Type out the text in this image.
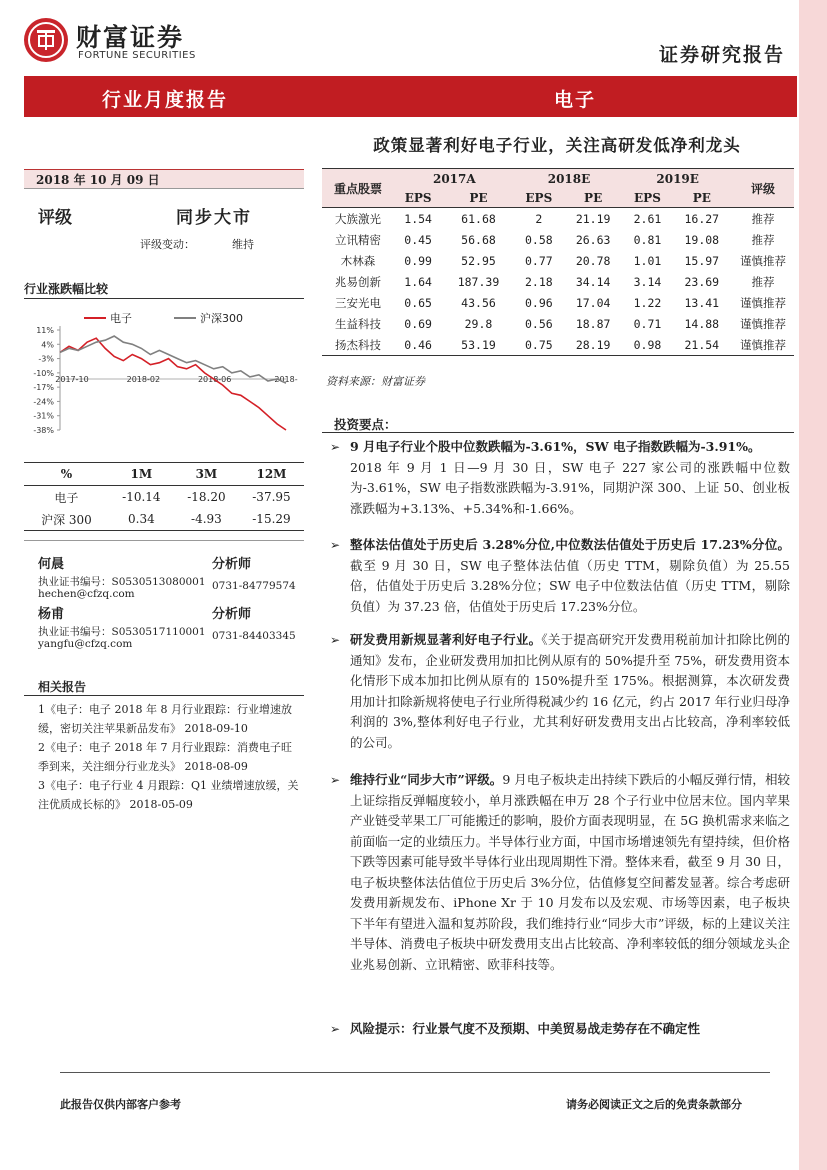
财富证券
FORTUNE SECURITIES	证券研究报告
行业月度报告	电子
政策显著利好电子行业，关注高研发低净利龙头
2018 年 10 月 09 日
评级	同步大市
评级变动：	维持
行业涨跌幅比较
电子	沪深300
11%
4%
-3%
-10%
-17%
-24%
-31%
-38%
2017-10	2018-02	2018-06	2018-
%	1M	3M	12M
电子	-10.14	-18.20	-37.95
沪深 300	0.34	-4.93	-15.29
何晨	分析师
执业证书编号：S0530513080001 0731-84779574
hechen@cfzq.com
杨甫	分析师
执业证书编号：S0530517110001 0731-84403345
yangfu@cfzq.com
相关报告
1《电子：电子 2018 年 8 月行业跟踪：行业增速放缓，密切关注苹果新品发布》 2018-09-10
2《电子：电子 2018 年 7 月行业跟踪：消费电子旺季到来，关注细分行业龙头》 2018-08-09
3《电子：电子行业 4 月跟踪：Q1 业绩增速放缓，关注优质成长标的》 2018-05-09
重点股票	2017A		2018E		2019E		评级
	EPS	PE	EPS	PE	EPS	PE	
大族激光	1.54	61.68	2	21.19	2.61	16.27	推荐
立讯精密	0.45	56.68	0.58	26.63	0.81	19.08	推荐
木林森	0.99	52.95	0.77	20.78	1.01	15.97	谨慎推荐
兆易创新	1.64	187.39	2.18	34.14	3.14	23.69	推荐
三安光电	0.65	43.56	0.96	17.04	1.22	13.41	谨慎推荐
生益科技	0.69	29.8	0.56	18.87	0.71	14.88	谨慎推荐
扬杰科技	0.46	53.19	0.75	28.19	0.98	21.54	谨慎推荐
资料来源：财富证券
投资要点：
➢ 9 月电子行业个股中位数跌幅为-3.61%，SW 电子指数跌幅为-3.91%。
2018 年 9 月 1 日—9 月 30 日，SW 电子 227 家公司的涨跌幅中位数为-3.61%，SW 电子指数涨跌幅为-3.91%，同期沪深 300、上证 50、创业板涨跌幅为+3.13%、+5.34%和-1.66%。
➢ 整体法估值处于历史后 3.28%分位,中位数法估值处于历史后 17.23%分位。截至 9 月 30 日，SW 电子整体法估值（历史 TTM，剔除负值）为 25.55 倍，估值处于历史后 3.28%分位；SW 电子中位数法估值（历史 TTM，剔除负值）为 37.23 倍，估值处于历史后 17.23%分位。
➢ 研发费用新规显著利好电子行业。《关于提高研究开发费用税前加计扣除比例的通知》发布，企业研发费用加扣比例从原有的 50%提升至 75%，研发费用资本化情形下成本加扣比例从原有的 150%提升至 175%。根据测算，本次研发费用加计扣除新规将使电子行业所得税减少约 16 亿元，约占 2017 年行业归母净利润的 3%,整体利好电子行业，尤其利好研发费用支出占比较高，净利率较低的公司。
➢ 维持行业“同步大市”评级。9 月电子板块走出持续下跌后的小幅反弹行情，相较上证综指反弹幅度较小，单月涨跌幅在申万 28 个子行业中位居末位。国内苹果产业链受苹果工厂可能搬迁的影响，股价方面表现明显，在 5G 换机需求来临之前面临一定的业绩压力。半导体行业方面，中国市场增速领先有望持续，但价格下跌等因素可能导致半导体行业出现周期性下滑。整体来看，截至 9 月 30 日，电子板块整体法估值位于历史后 3%分位，估值修复空间蓄发显著。综合考虑研发费用新规发布、iPhone Xr 于 10 月发布以及宏观、市场等因素，电子板块下半年有望进入温和复苏阶段，我们维持行业“同步大市”评级，标的上建议关注半导体、消费电子板块中研发费用支出占比较高、净利率较低的细分领域龙头企业兆易创新、立讯精密、欧菲科技等。
➢ 风险提示：行业景气度不及预期、中美贸易战走势存在不确定性
此报告仅供内部客户参考	请务必阅读正文之后的免责条款部分
